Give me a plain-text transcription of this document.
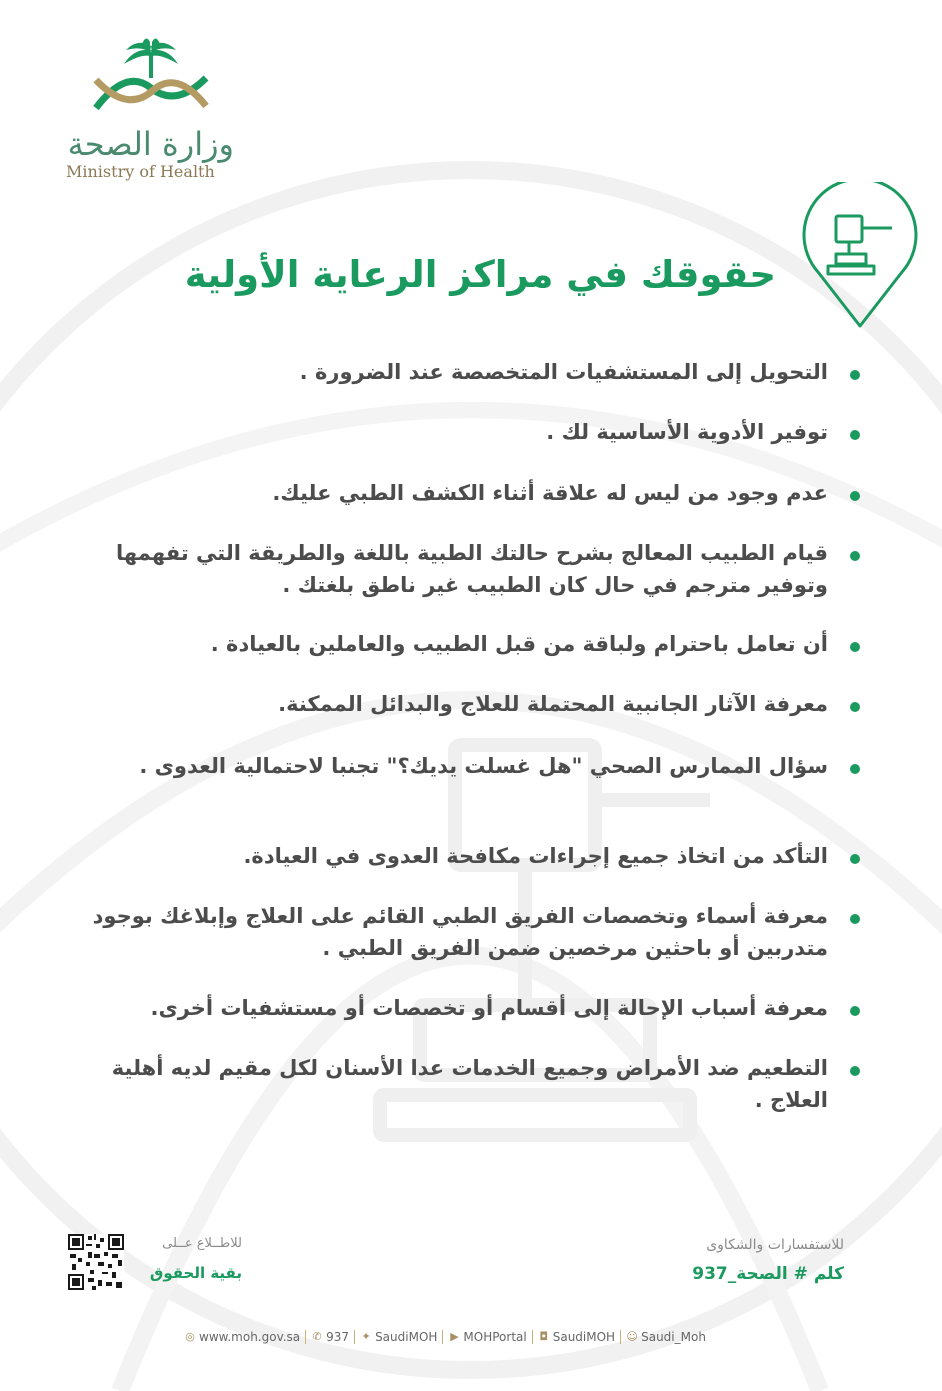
وزارة الصحة
Ministry of Health
حقوقك في مراكز الرعاية الأولية
التحويل إلى المستشفيات المتخصصة عند الضرورة .
توفير الأدوية الأساسية لك .
عدم وجود من ليس له علاقة أثناء الكشف الطبي عليك.
قيام الطبيب المعالج بشرح حالتك الطبية باللغة والطريقة التي تفهمها وتوفير مترجم في حال كان الطبيب غير ناطق بلغتك .
أن تعامل باحترام ولباقة من قبل الطبيب والعاملين بالعيادة .
معرفة الآثار الجانبية المحتملة للعلاج والبدائل الممكنة.
سؤال الممارس الصحي "هل غسلت يديك؟" تجنبا لاحتمالية العدوى .
التأكد من اتخاذ جميع إجراءات مكافحة العدوى في العيادة.
معرفة أسماء وتخصصات الفريق الطبي القائم على العلاج وإبلاغك بوجود متدربين أو باحثين مرخصين ضمن الفريق الطبي .
معرفة أسباب الإحالة إلى أقسام أو تخصصات أو مستشفيات أخرى.
التطعيم ضد الأمراض وجميع الخدمات عدا الأسنان لكل مقيم لديه أهلية العلاج .
للاطــلاع عــلى
بقية الحقوق
للاستفسارات والشكاوى
كلم # الصحة_937
◎ www.moh.gov.sa ✆ 937 ✦ SaudiMOH ▶ MOHPortal ◘ SaudiMOH ☺ Saudi_Moh
